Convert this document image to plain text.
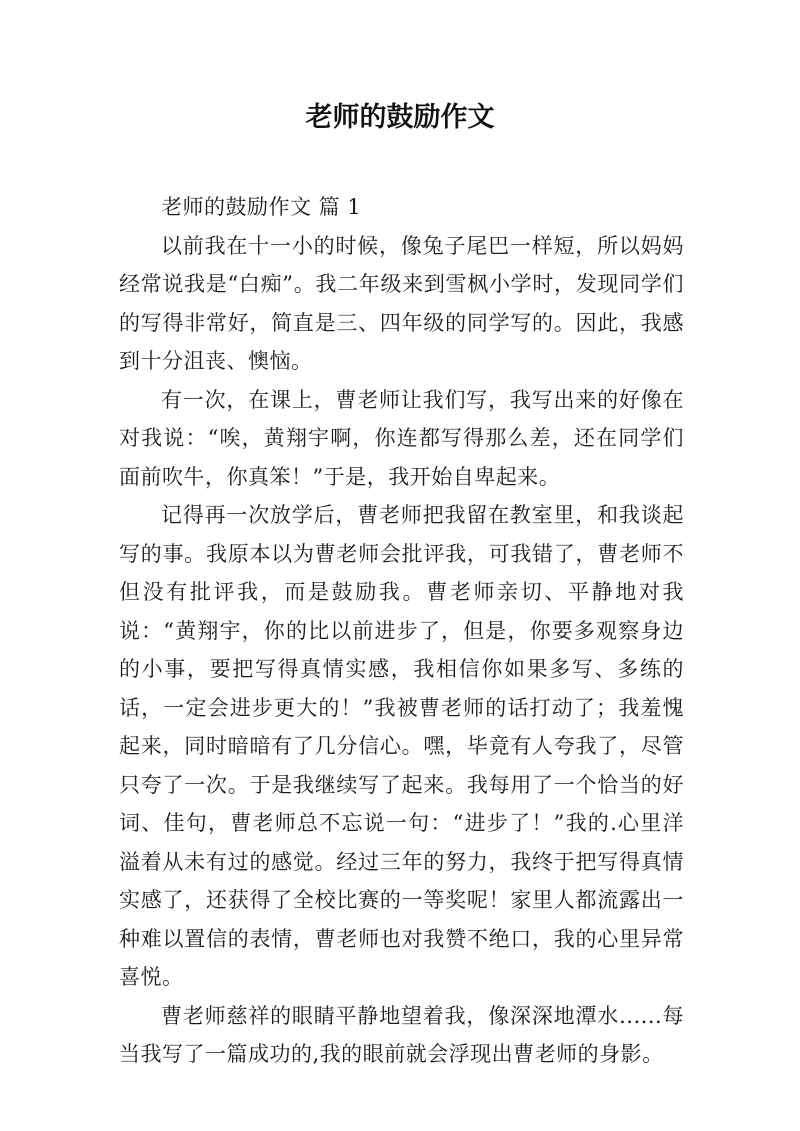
老师的鼓励作文

老师的鼓励作文 篇 1

以前我在十一小的时候，像兔子尾巴一样短，所以妈妈经常说我是“白痴”。我二年级来到雪枫小学时，发现同学们的写得非常好，简直是三、四年级的同学写的。因此，我感到十分沮丧、懊恼。

有一次，在课上，曹老师让我们写，我写出来的好像在对我说：“唉，黄翔宇啊，你连都写得那么差，还在同学们面前吹牛，你真笨！”于是，我开始自卑起来。

记得再一次放学后，曹老师把我留在教室里，和我谈起写的事。我原本以为曹老师会批评我，可我错了，曹老师不但没有批评我，而是鼓励我。曹老师亲切、平静地对我说：“黄翔宇，你的比以前进步了，但是，你要多观察身边的小事，要把写得真情实感，我相信你如果多写、多练的话，一定会进步更大的！”我被曹老师的话打动了；我羞愧起来，同时暗暗有了几分信心。嘿，毕竟有人夸我了，尽管只夸了一次。于是我继续写了起来。我每用了一个恰当的好词、佳句，曹老师总不忘说一句：“进步了！”我的.心里洋溢着从未有过的感觉。经过三年的努力，我终于把写得真情实感了，还获得了全校比赛的一等奖呢！家里人都流露出一种难以置信的表情，曹老师也对我赞不绝口，我的心里异常喜悦。

曹老师慈祥的眼睛平静地望着我，像深深地潭水......每当我写了一篇成功的,我的眼前就会浮现出曹老师的身影。
